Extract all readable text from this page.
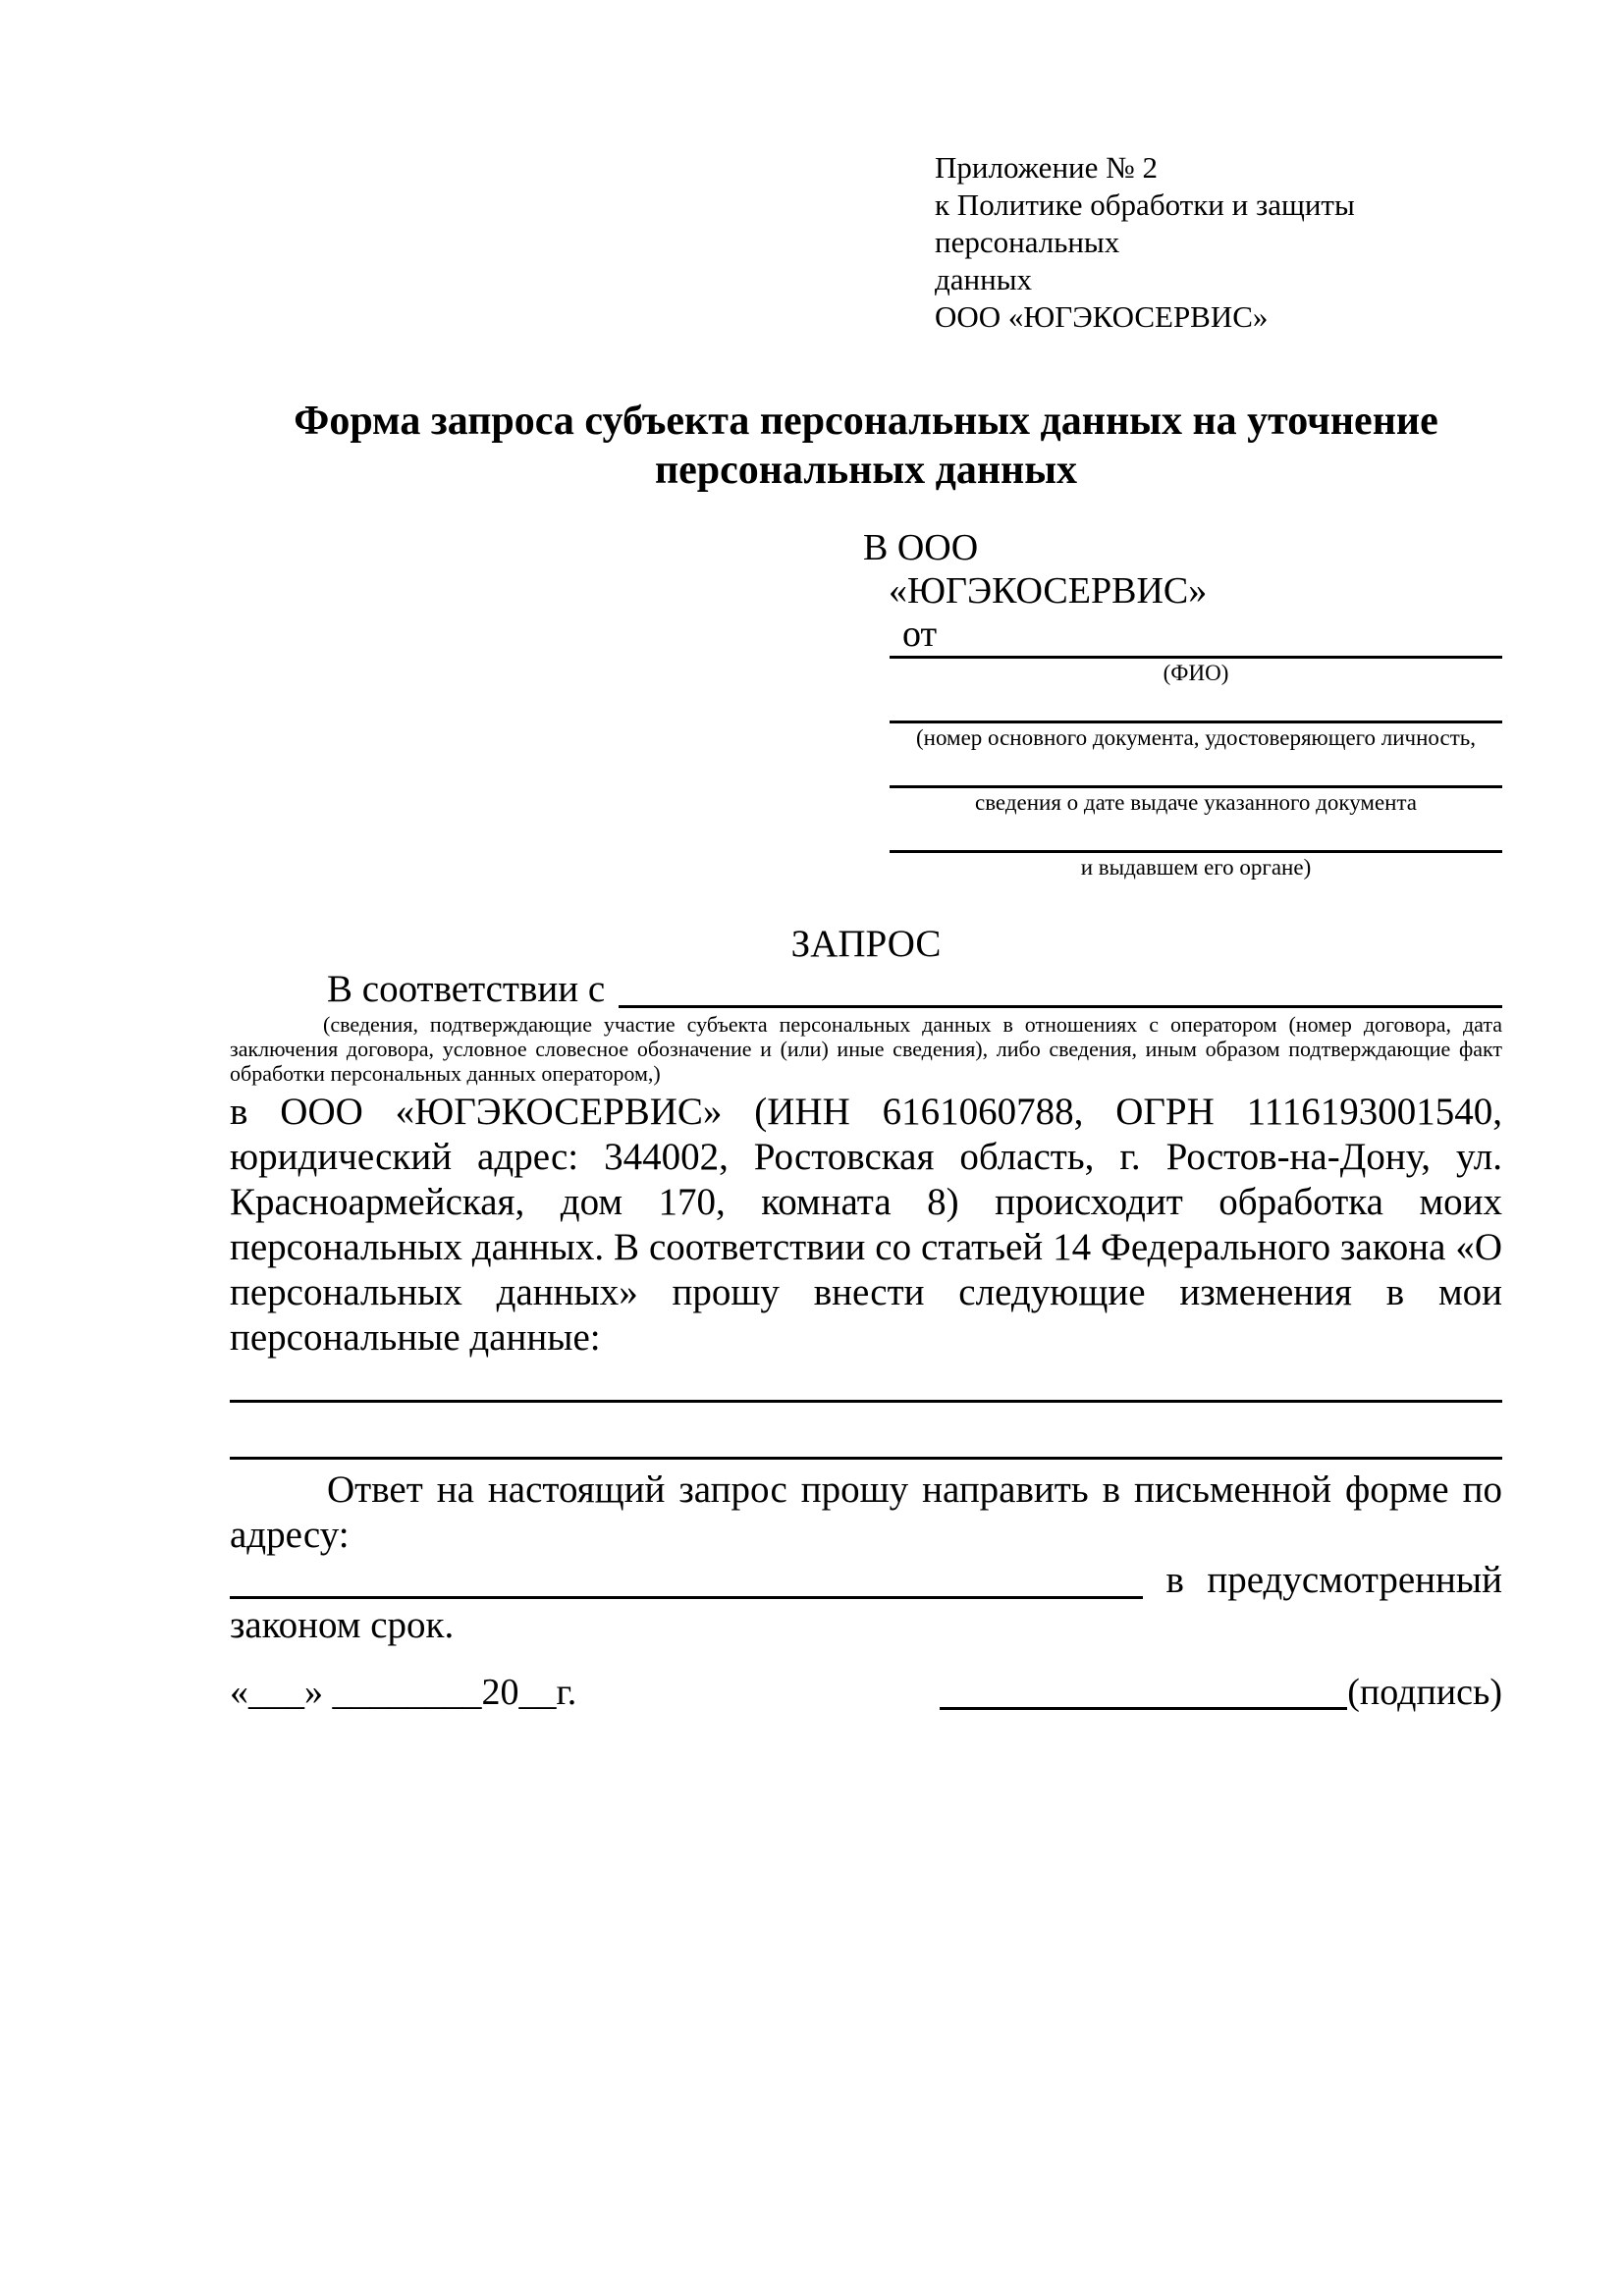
Приложение № 2
к Политике обработки и защиты персональных
данных
ООО «ЮГЭКОСЕРВИС»
Форма запроса субъекта персональных данных на уточнение
персональных данных
В ООО
«ЮГЭКОСЕРВИС»
от
(ФИО)
(номер основного документа, удостоверяющего личность,
сведения о дате выдаче указанного документа
и выдавшем его органе)
ЗАПРОС
В соответствии с
(сведения, подтверждающие участие субъекта персональных данных в отношениях с оператором (номер договора, дата заключения договора, условное словесное обозначение и (или) иные сведения), либо сведения, иным образом подтверждающие факт обработки персональных данных оператором,)

в ООО «ЮГЭКОСЕРВИС» (ИНН 6161060788, ОГРН 1116193001540, юридический адрес: 344002, Ростовская область, г. Ростов-на-Дону, ул. Красноармейская, дом 170, комната 8) происходит обработка моих персональных данных. В соответствии со статьей 14 Федерального закона «О персональных данных» прошу внести следующие изменения в мои персональные данные:

Ответ на настоящий запрос прошу направить в письменной форме по адресу:
в предусмотренный
законом срок.
«___» ________20__г.	(подпись)
